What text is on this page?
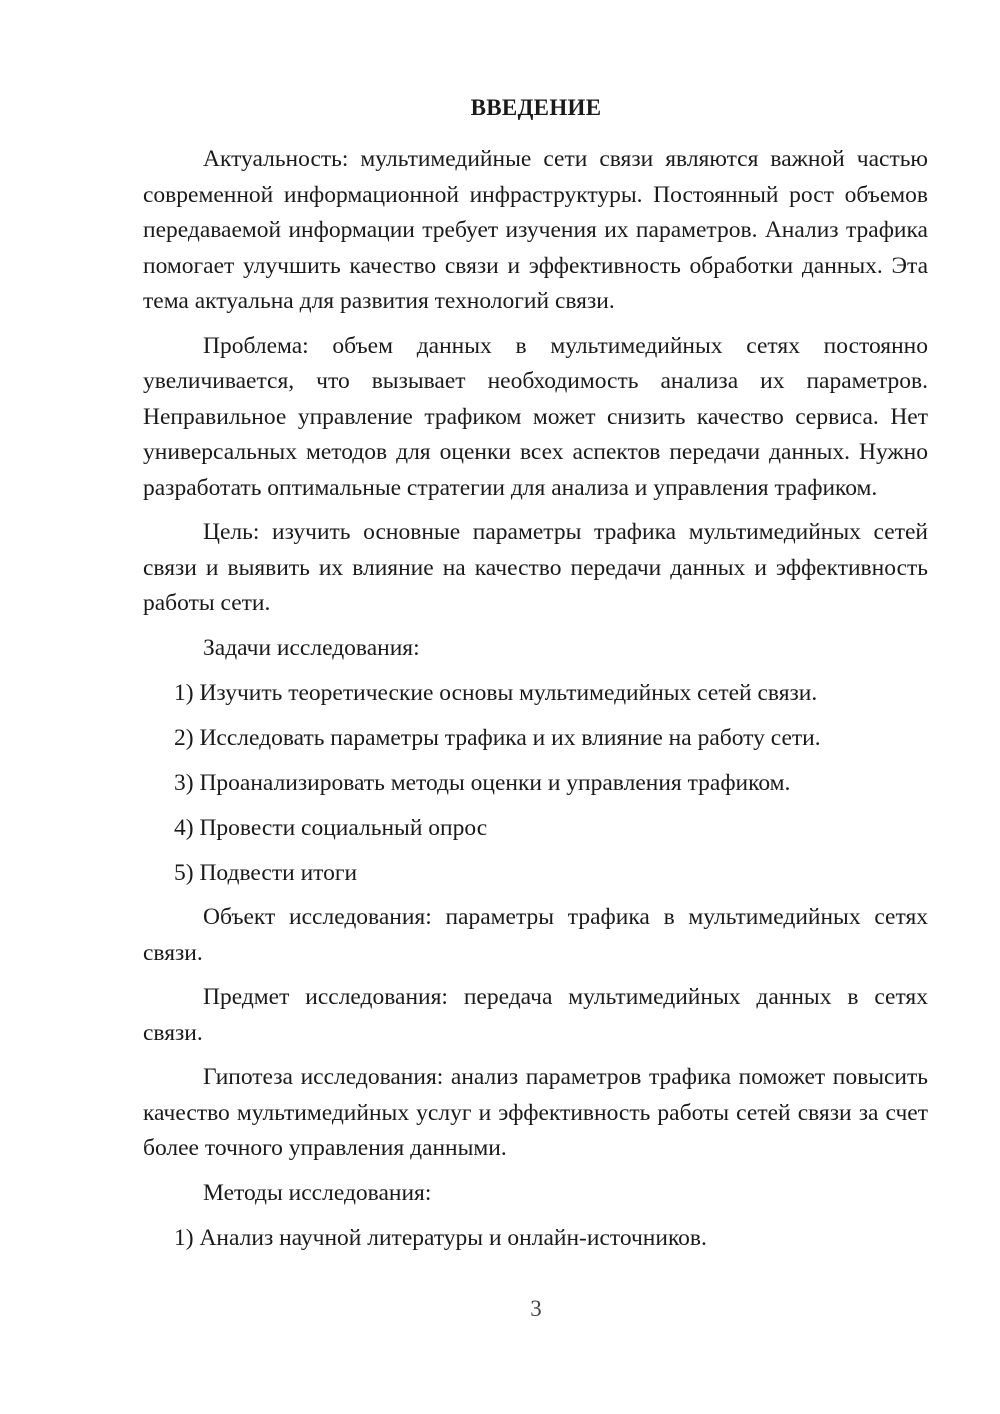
ВВЕДЕНИЕ

Актуальность: мультимедийные сети связи являются важной частью современной информационной инфраструктуры. Постоянный рост объемов передаваемой информации требует изучения их параметров. Анализ трафика помогает улучшить качество связи и эффективность обработки данных. Эта тема актуальна для развития технологий связи.

Проблема: объем данных в мультимедийных сетях постоянно увеличивается, что вызывает необходимость анализа их параметров. Неправильное управление трафиком может снизить качество сервиса. Нет универсальных методов для оценки всех аспектов передачи данных. Нужно разработать оптимальные стратегии для анализа и управления трафиком.

Цель: изучить основные параметры трафика мультимедийных сетей связи и выявить их влияние на качество передачи данных и эффективность работы сети.

Задачи исследования:

1) Изучить теоретические основы мультимедийных сетей связи.

2) Исследовать параметры трафика и их влияние на работу сети.

3) Проанализировать методы оценки и управления трафиком.

4) Провести социальный опрос

5) Подвести итоги

Объект исследования: параметры трафика в мультимедийных сетях связи.

Предмет исследования: передача мультимедийных данных в сетях связи.

Гипотеза исследования: анализ параметров трафика поможет повысить качество мультимедийных услуг и эффективность работы сетей связи за счет более точного управления данными.

Методы исследования:

1) Анализ научной литературы и онлайн-источников.

3
